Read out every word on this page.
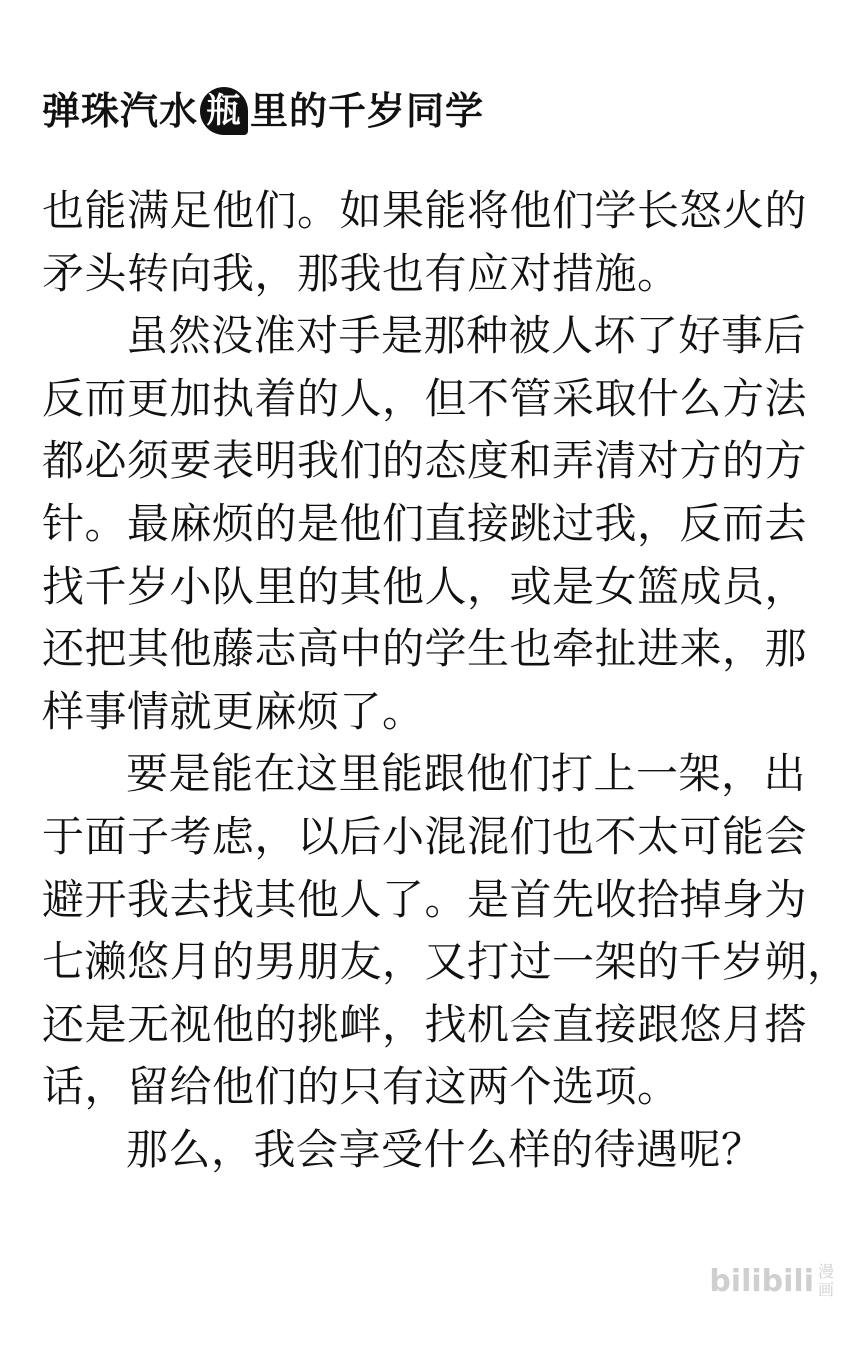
弹珠汽水 瓶 里的千岁同学
也能满足他们。如果能将他们学长怒火的
矛头转向我，那我也有应对措施。
虽然没准对手是那种被人坏了好事后
反而更加执着的人，但不管采取什么方法
都必须要表明我们的态度和弄清对方的方
针。最麻烦的是他们直接跳过我，反而去
找千岁小队里的其他人，或是女篮成员，
还把其他藤志高中的学生也牵扯进来，那
样事情就更麻烦了。
要是能在这里能跟他们打上一架，出
于面子考虑，以后小混混们也不太可能会
避开我去找其他人了。是首先收拾掉身为
七濑悠月的男朋友，又打过一架的千岁朔，
还是无视他的挑衅，找机会直接跟悠月搭
话，留给他们的只有这两个选项。
那么，我会享受什么样的待遇呢？
bilibili 漫
画
